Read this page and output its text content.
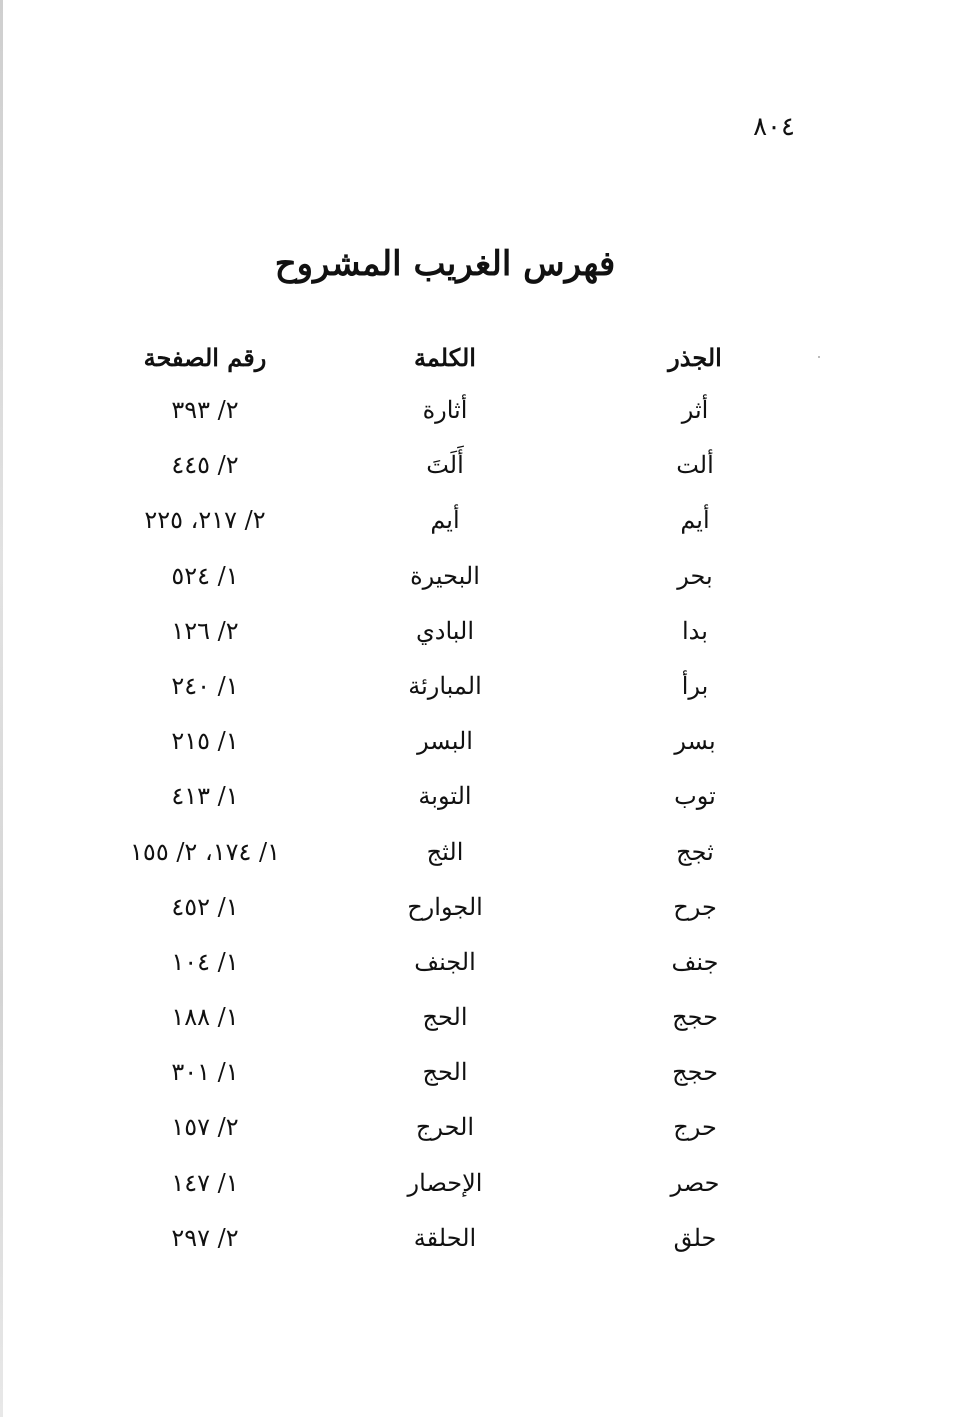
٨٠٤
فهرس الغريب المشروح
الجذر
الكلمة
رقم الصفحة
أثر
أثارة
٢/ ٣٩٣
ألت
أَلَتَ
٢/ ٤٤٥
أيم
أيم
٢/ ٢١٧، ٢٢٥
بحر
البحيرة
١/ ٥٢٤
بدا
البادي
٢/ ١٢٦
برأ
المبارئة
١/ ٢٤٠
بسر
البسر
١/ ٢١٥
توب
التوبة
١/ ٤١٣
ثجج
الثج
١/ ١٧٤، ٢/ ١٥٥
جرح
الجوارح
١/ ٤٥٢
جنف
الجنف
١/ ١٠٤
حجج
الحج
١/ ١٨٨
حجج
الحج
١/ ٣٠١
حرج
الحرج
٢/ ١٥٧
حصر
الإحصار
١/ ١٤٧
حلق
الحلقة
٢/ ٢٩٧
